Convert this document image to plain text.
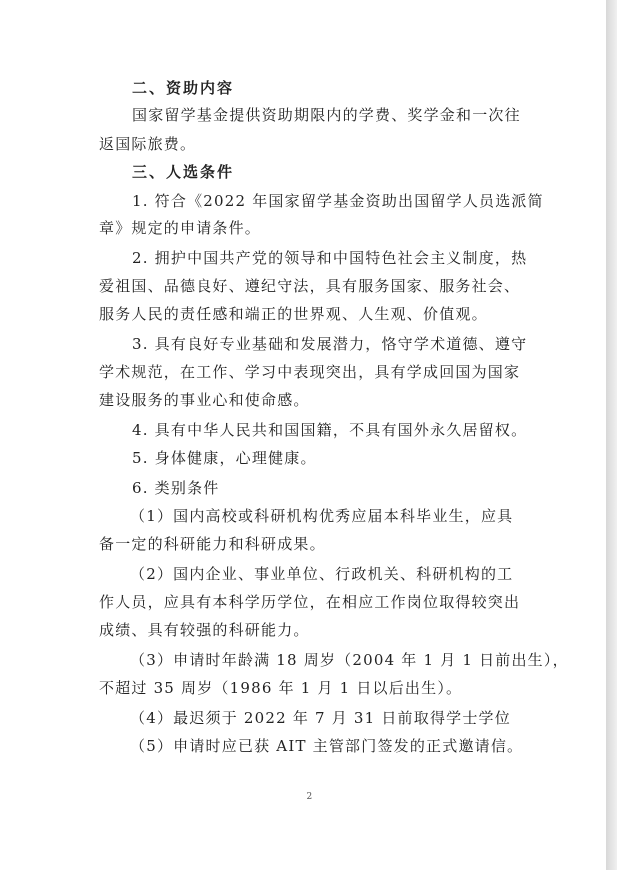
二、资助内容
国家留学基金提供资助期限内的学费、奖学金和一次往
返国际旅费。
三、人选条件
1. 符合《2022 年国家留学基金资助出国留学人员选派简
章》规定的申请条件。
2. 拥护中国共产党的领导和中国特色社会主义制度，热
爱祖国、品德良好、遵纪守法，具有服务国家、服务社会、
服务人民的责任感和端正的世界观、人生观、价值观。
3. 具有良好专业基础和发展潜力，恪守学术道德、遵守
学术规范，在工作、学习中表现突出，具有学成回国为国家
建设服务的事业心和使命感。
4. 具有中华人民共和国国籍，不具有国外永久居留权。
5. 身体健康，心理健康。
6. 类别条件
（1）国内高校或科研机构优秀应届本科毕业生，应具
备一定的科研能力和科研成果。
（2）国内企业、事业单位、行政机关、科研机构的工
作人员，应具有本科学历学位，在相应工作岗位取得较突出
成绩、具有较强的科研能力。
（3）申请时年龄满 18 周岁（2004 年 1 月 1 日前出生），
不超过 35 周岁（1986 年 1 月 1 日以后出生）。
（4）最迟须于 2022 年 7 月 31 日前取得学士学位
（5）申请时应已获 AIT 主管部门签发的正式邀请信。
2
